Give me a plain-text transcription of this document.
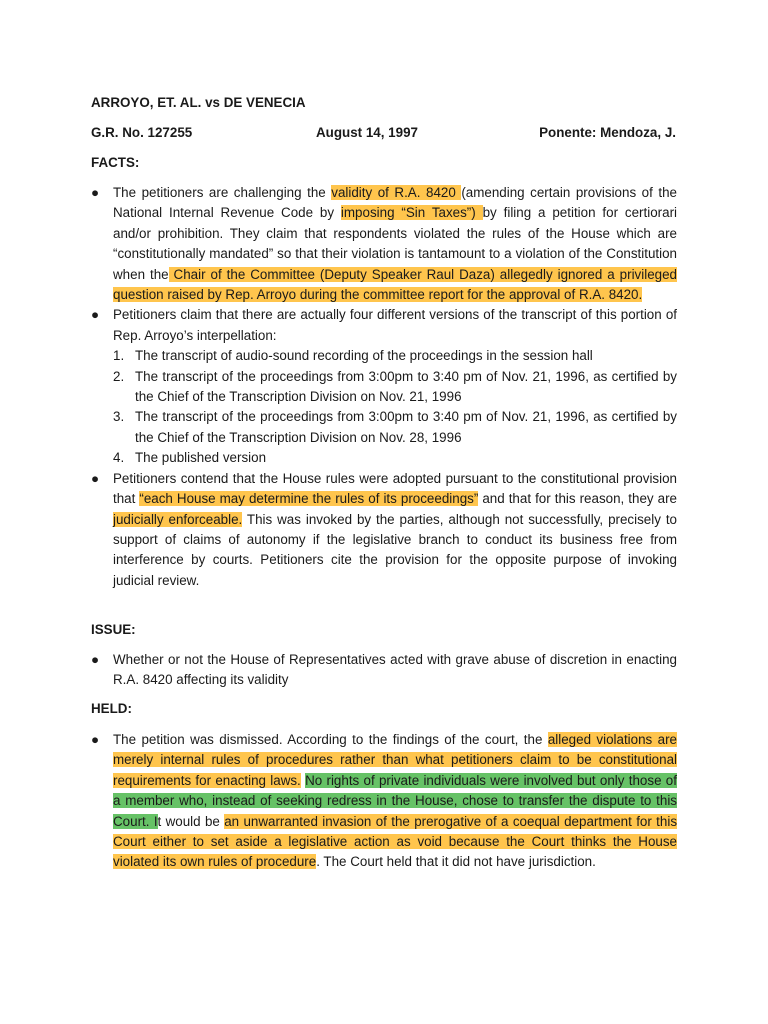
ARROYO, ET. AL. vs DE VENECIA
G.R. No. 127255	August 14, 1997	Ponente: Mendoza, J.
FACTS:
● The petitioners are challenging the validity of R.A. 8420 (amending certain provisions of the National Internal Revenue Code by imposing “Sin Taxes”) by filing a petition for certiorari and/or prohibition. They claim that respondents violated the rules of the House which are “constitutionally mandated” so that their violation is tantamount to a violation of the Constitution when the Chair of the Committee (Deputy Speaker Raul Daza) allegedly ignored a privileged question raised by Rep. Arroyo during the committee report for the approval of R.A. 8420.
● Petitioners claim that there are actually four different versions of the transcript of this portion of Rep. Arroyo’s interpellation:
1. The transcript of audio-sound recording of the proceedings in the session hall
2. The transcript of the proceedings from 3:00pm to 3:40 pm of Nov. 21, 1996, as certified by the Chief of the Transcription Division on Nov. 21, 1996
3. The transcript of the proceedings from 3:00pm to 3:40 pm of Nov. 21, 1996, as certified by the Chief of the Transcription Division on Nov. 28, 1996
4. The published version
● Petitioners contend that the House rules were adopted pursuant to the constitutional provision that “each House may determine the rules of its proceedings” and that for this reason, they are judicially enforceable. This was invoked by the parties, although not successfully, precisely to support of claims of autonomy if the legislative branch to conduct its business free from interference by courts. Petitioners cite the provision for the opposite purpose of invoking judicial review.
ISSUE:
● Whether or not the House of Representatives acted with grave abuse of discretion in enacting R.A. 8420 affecting its validity
HELD:
● The petition was dismissed. According to the findings of the court, the alleged violations are merely internal rules of procedures rather than what petitioners claim to be constitutional requirements for enacting laws. No rights of private individuals were involved but only those of a member who, instead of seeking redress in the House, chose to transfer the dispute to this Court. It would be an unwarranted invasion of the prerogative of a coequal department for this Court either to set aside a legislative action as void because the Court thinks the House violated its own rules of procedure. The Court held that it did not have jurisdiction.
